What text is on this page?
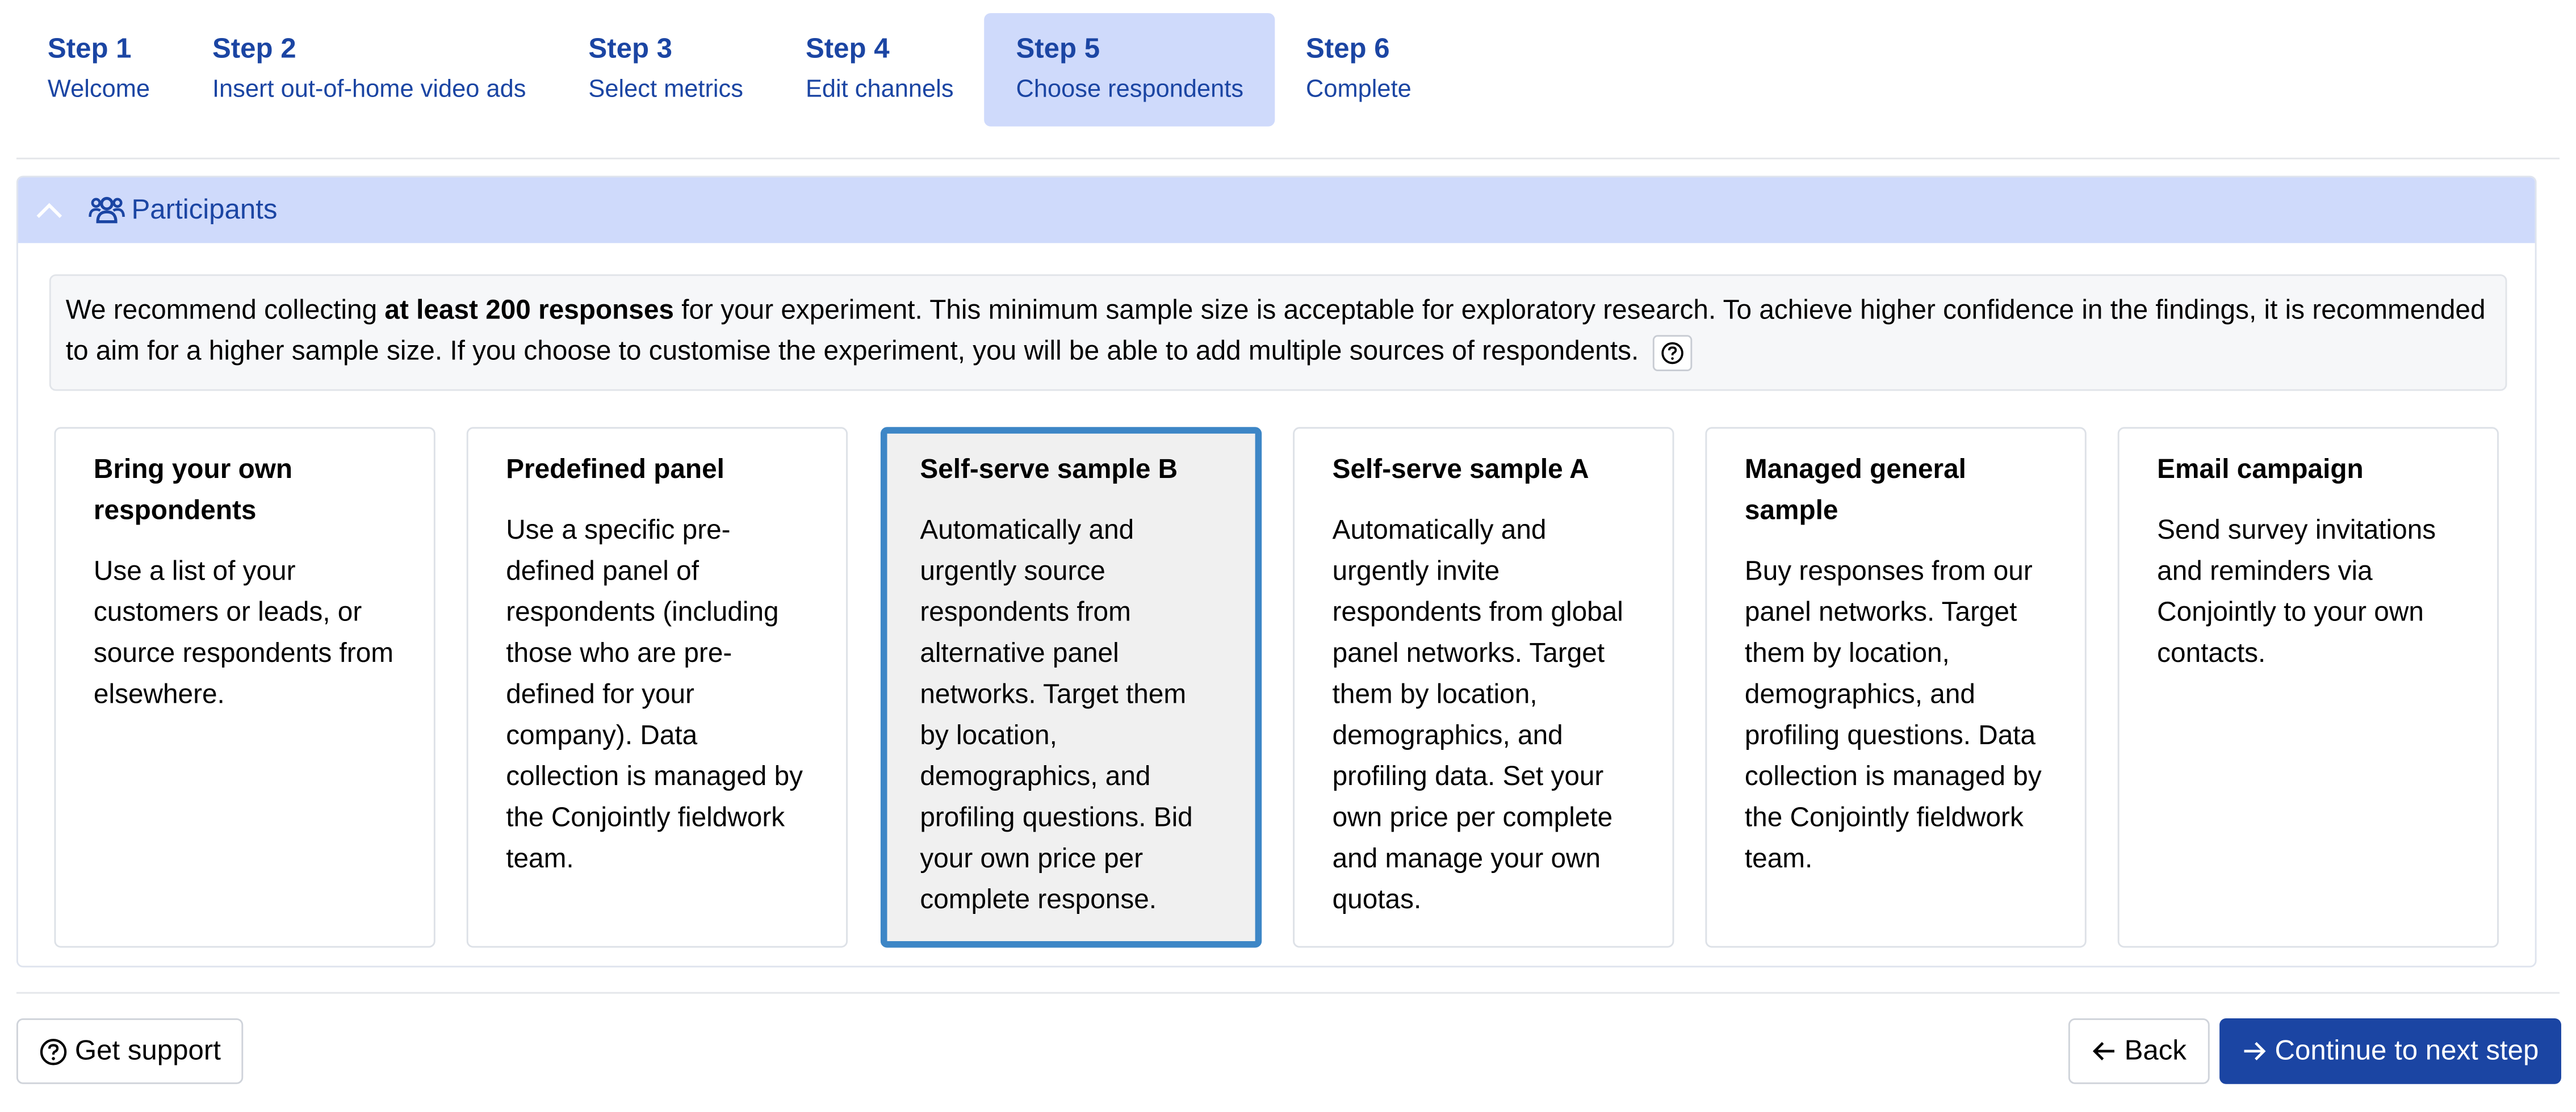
Step 1
Welcome
Step 2
Insert out-of-home video ads
Step 3
Select metrics
Step 4
Edit channels
Step 5
Choose respondents
Step 6
Complete
Participants
We recommend collecting at least 200 responses for your experiment. This minimum sample size is acceptable for exploratory research. To achieve higher confidence in the findings, it is recommended to aim for a higher sample size. If you choose to customise the experiment, you will be able to add multiple sources of respondents.
Bring your own respondents
Use a list of your customers or leads, or source respondents from elsewhere.
Predefined panel
Use a specific pre-defined panel of respondents (including those who are pre-defined for your company). Data collection is managed by the Conjointly fieldwork team.
Self-serve sample B
Automatically and urgently source respondents from alternative panel networks. Target them by location, demographics, and profiling questions. Bid your own price per complete response.
Self-serve sample A
Automatically and urgently invite respondents from global panel networks. Target them by location, demographics, and profiling data. Set your own price per complete and manage your own quotas.
Managed general sample
Buy responses from our panel networks. Target them by location, demographics, and profiling questions. Data collection is managed by the Conjointly fieldwork team.
Email campaign
Send survey invitations and reminders via Conjointly to your own contacts.
Get support	Back	Continue to next step
